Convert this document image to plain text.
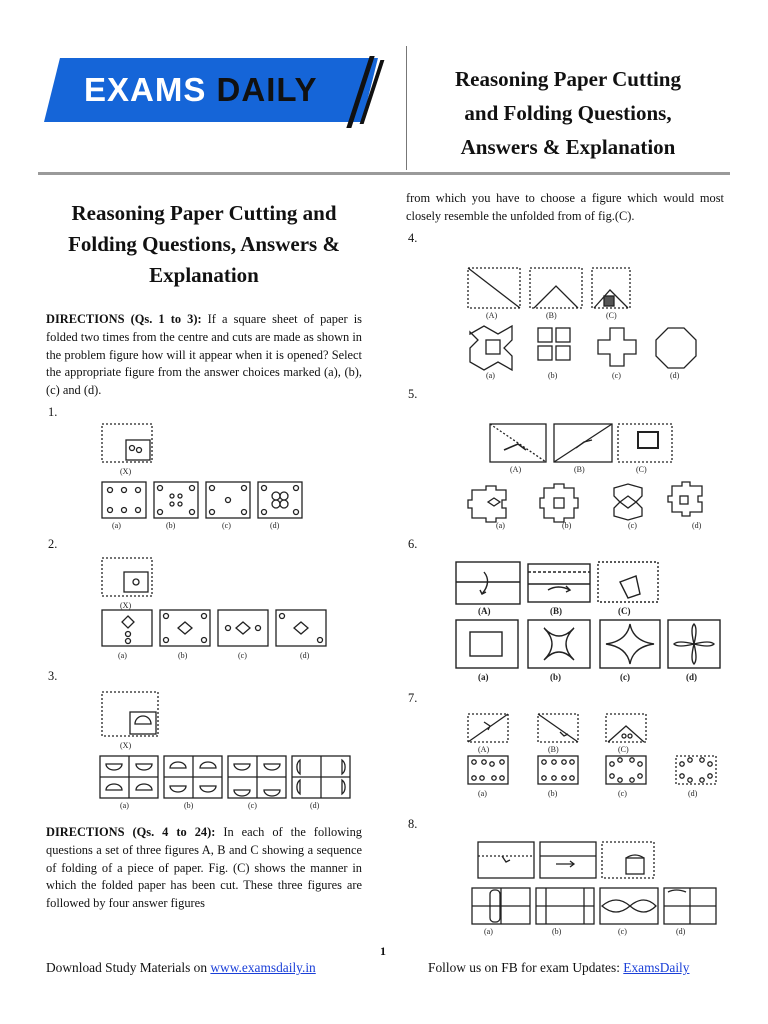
EXAMS DAILY	Reasoning Paper Cutting
and Folding Questions,
Answers & Explanation
Reasoning Paper Cutting and
Folding Questions, Answers &
Explanation

DIRECTIONS (Qs. 1 to 3): If a square sheet of paper is folded two times from the centre and cuts are made as shown in the problem figure how will it appear when it is opened? Select the appropriate figure from the answer choices marked (a), (b), (c) and (d).

1.
(X)
(a)	(b)	(c)	(d)
2.
(X)
(a)	(b)	(c)	(d)
3.
(X)
(a)	(b)	(c)	(d)

DIRECTIONS (Qs. 4 to 24): In each of the following questions a set of three figures A, B and C showing a sequence of folding of a piece of paper. Fig. (C) shows the manner in which the folded paper has been cut. These three figures are followed by four answer figures

from which you have to choose a figure which would most closely resemble the unfolded from of fig.(C).

4.
(A)	(B)	(C)
(a)	(b)	(c)	(d)
5.
(A)	(B)	(C)
(a)	(b)	(c)	(d)
6.
(A)	(B)	(C)
(a)	(b)	(c)	(d)
7.
(A)	(B)	(C)
(a)	(b)	(c)	(d)
8.
(a)	(b)	(c)	(d)
1
Download Study Materials on www.examsdaily.in	Follow us on FB for exam Updates: ExamsDaily
